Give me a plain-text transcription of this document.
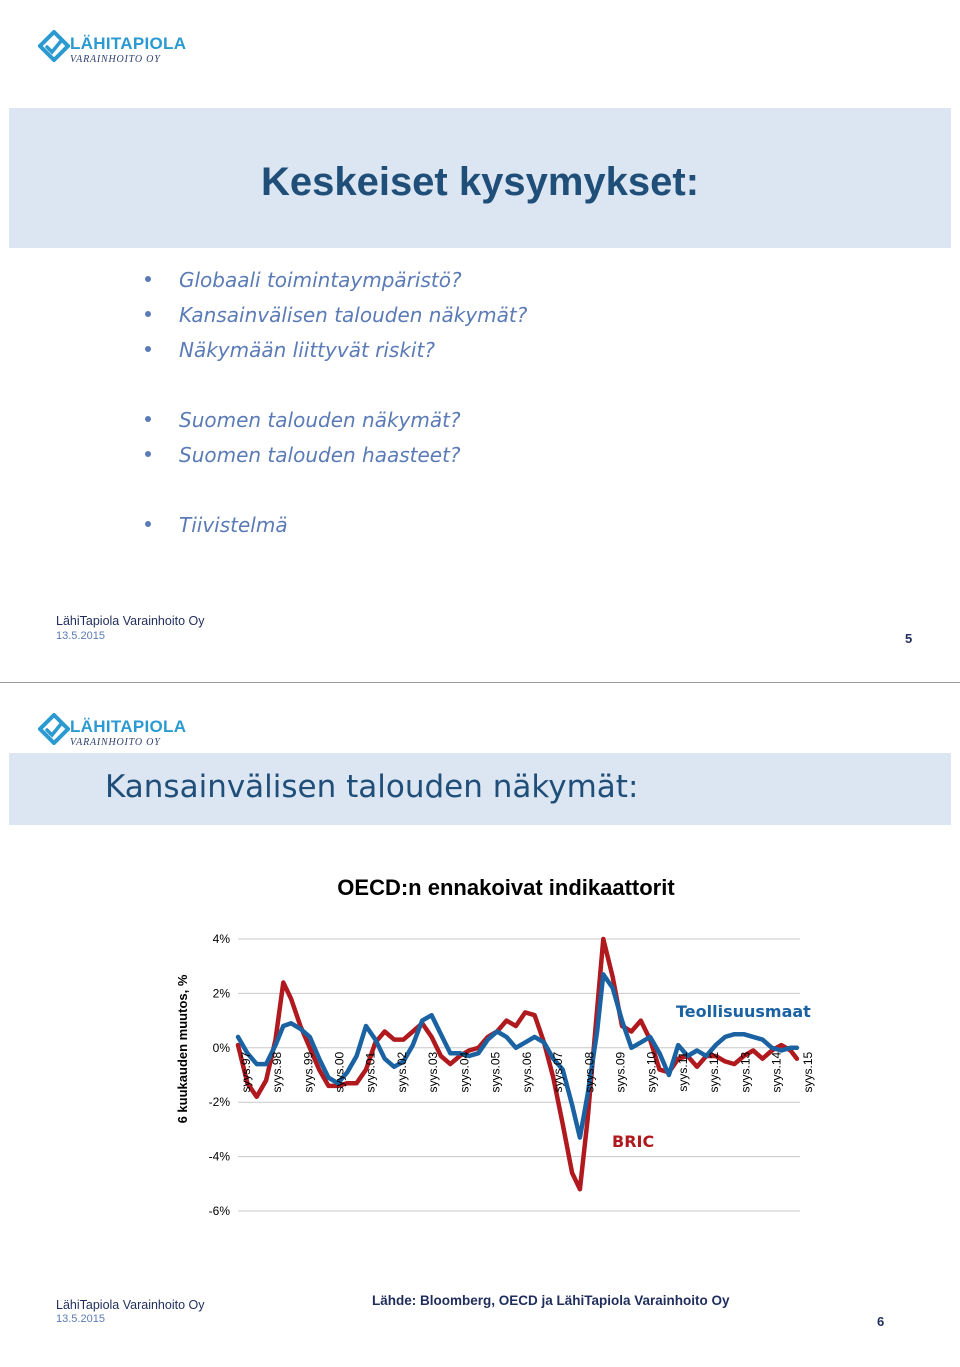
LÄHITAPIOLA
VARAINHOITO OY
Keskeiset kysymykset:
Globaali toimintaympäristö?
Kansainvälisen talouden näkymät?
Näkymään liittyvät riskit?
Suomen talouden näkymät?
Suomen talouden haasteet?
Tiivistelmä
LähiTapiola Varainhoito Oy
13.5.2015	5
LÄHITAPIOLA
VARAINHOITO OY
Kansainvälisen talouden näkymät:
OECD:n ennakoivat indikaattorit
4%
2%
0%
-2%
-4%
-6%
6 kuukauden muutos, %	syys.97 syys.98 syys.99 syys.00 syys.01 syys.02 syys.03 syys.04 syys.05 syys.06 syys.07 syys.08 syys.09 syys.10 syys.11 syys.12 syys.13 syys.14 syys.15
Teollisuusmaat
BRIC
LähiTapiola Varainhoito Oy
13.5.2015
Lähde: Bloomberg, OECD ja LähiTapiola Varainhoito Oy
6
